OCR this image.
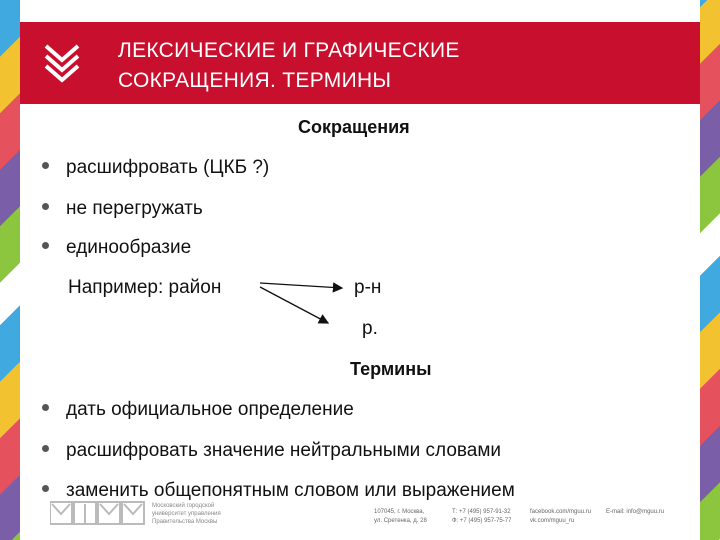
ЛЕКСИЧЕСКИЕ И ГРАФИЧЕСКИЕ
СОКРАЩЕНИЯ. ТЕРМИНЫ
Сокращения
расшифровать (ЦКБ ?)
не перегружать
единообразие
Например: район	р-н
р.
Термины
дать официальное определение
расшифровать значение нейтральными словами
заменить общепонятным словом или выражением
Московский городской
университет управления
Правительства Москвы
107045, г. Москва,
ул. Сретенка, д. 28
Т: +7 (495) 957-91-32
Ф: +7 (495) 957-75-77
facebook.com/mguu.ru
vk.com/mguu_ru
E-mail: info@mguu.ru
